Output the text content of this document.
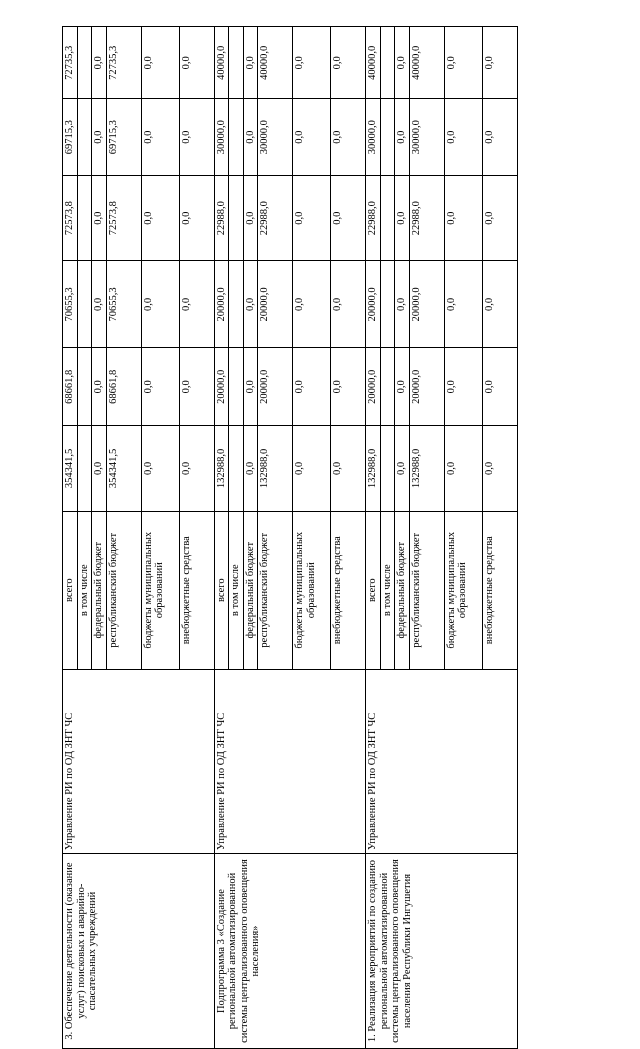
3. Обеспечение деятельности (оказание услуг) поисковых и аварийно-спасательных учреждений	Управление РИ по ОД ЗНТ ЧС	всего	354341,5	68661,8	70655,3	72573,8	69715,3	72735,3
		в том числе						
		федеральный бюджет	0,0	0,0	0,0	0,0	0,0	0,0
		республиканский бюджет	354341,5	68661,8	70655,3	72573,8	69715,3	72735,3
		бюджеты муниципальных образований	0,0	0,0	0,0	0,0	0,0	0,0
		внебюджетные средства	0,0	0,0	0,0	0,0	0,0	0,0
Подпрограмма 3 «Создание региональной автоматизированной системы централизованного оповещения населения»	Управление РИ по ОД ЗНТ ЧС	всего	132988,0	20000,0	20000,0	22988,0	30000,0	40000,0
		в том числе						
		федеральный бюджет	0,0	0,0	0,0	0,0	0,0	0,0
		республиканский бюджет	132988,0	20000,0	20000,0	22988,0	30000,0	40000,0
		бюджеты муниципальных образований	0,0	0,0	0,0	0,0	0,0	0,0
		внебюджетные средства	0,0	0,0	0,0	0,0	0,0	0,0
1. Реализация мероприятий по созданию региональной автоматизированной системы централизованного оповещения населения Республики Ингушетия	Управление РИ по ОД ЗНТ ЧС	всего	132988,0	20000,0	20000,0	22988,0	30000,0	40000,0
		в том числе						
		федеральный бюджет	0,0	0,0	0,0	0,0	0,0	0,0
		республиканский бюджет	132988,0	20000,0	20000,0	22988,0	30000,0	40000,0
		бюджеты муниципальных образований	0,0	0,0	0,0	0,0	0,0	0,0
		внебюджетные средства	0,0	0,0	0,0	0,0	0,0	0,0
